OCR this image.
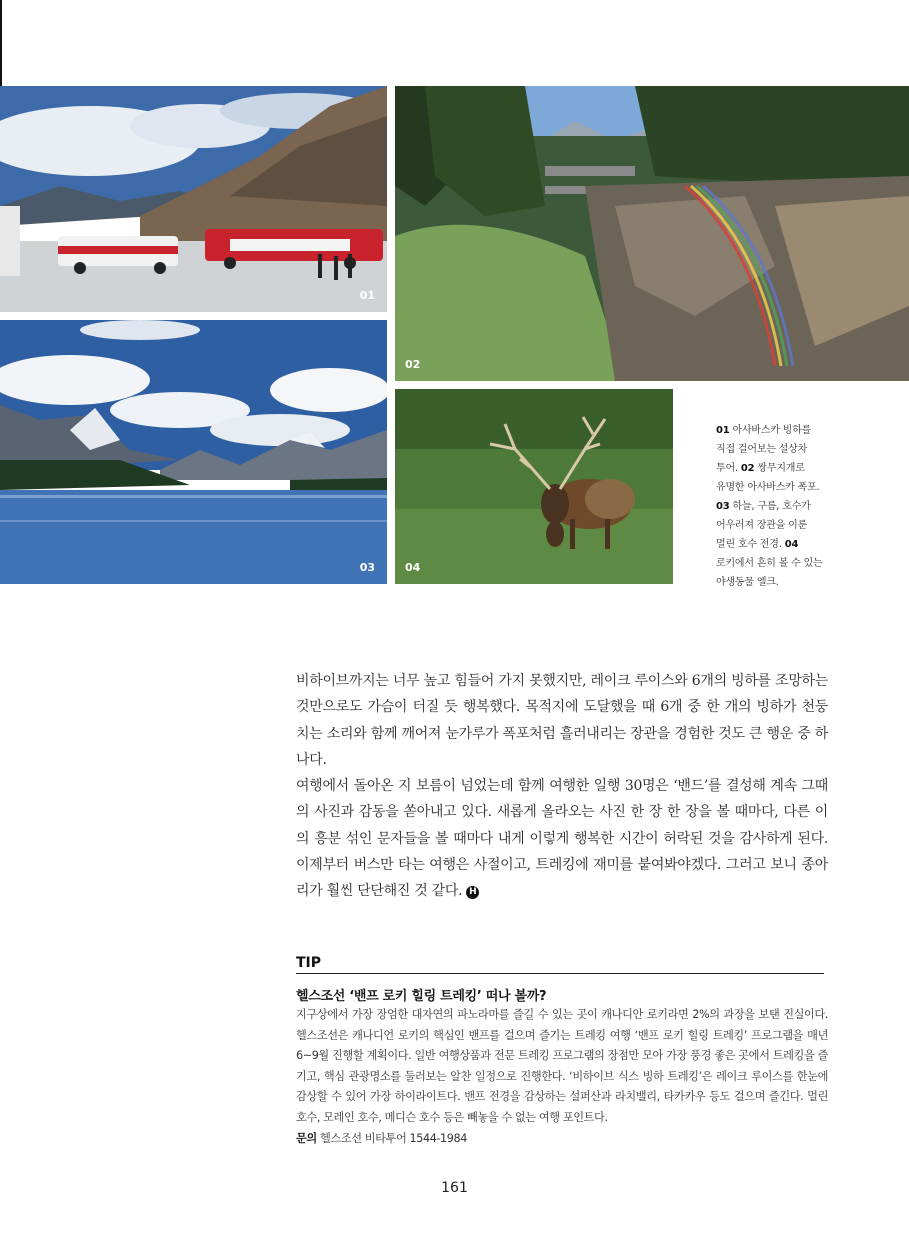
01
02
03	04
01 아사바스카 빙하를 직접 걸어보는 설상차 투어. 02 쌍무지개로 유명한 아사바스카 폭포. 03 하늘, 구름, 호수가 어우러져 장관을 이룬 멀린 호수 전경. 04 로키에서 흔히 볼 수 있는 야생동물 엘크.

비하이브까지는 너무 높고 힘들어 가지 못했지만, 레이크 루이스와 6개의 빙하를 조망하는 것만으로도 가슴이 터질 듯 행복했다. 목적지에 도달했을 때 6개 중 한 개의 빙하가 천둥 치는 소리와 함께 깨어져 눈가루가 폭포처럼 흘러내리는 장관을 경험한 것도 큰 행운 중 하나다.

여행에서 돌아온 지 보름이 넘었는데 함께 여행한 일행 30명은 ‘밴드’를 결성해 계속 그때의 사진과 감동을 쏟아내고 있다. 새롭게 올라오는 사진 한 장 한 장을 볼 때마다, 다른 이의 흥분 섞인 문자들을 볼 때마다 내게 이렇게 행복한 시간이 허락된 것을 감사하게 된다. 이제부터 버스만 타는 여행은 사절이고, 트레킹에 재미를 붙여봐야겠다. 그러고 보니 종아리가 훨씬 단단해진 것 같다. H

TIP
헬스조선 ‘밴프 로키 힐링 트레킹’ 떠나 볼까?

지구상에서 가장 장엄한 대자연의 파노라마를 즐길 수 있는 곳이 캐나디안 로키라면 2%의 과장을 보탠 진실이다. 헬스조선은 캐나디언 로키의 핵심인 밴프를 걸으며 즐기는 트레킹 여행 ‘밴프 로키 힐링 트레킹’ 프로그램을 매년 6~9월 진행할 계획이다. 일반 여행상품과 전문 트레킹 프로그램의 장점만 모아 가장 풍경 좋은 곳에서 트레킹을 즐기고, 핵심 관광명소를 둘러보는 알찬 일정으로 진행한다. ‘비하이브 식스 빙하 트레킹’은 레이크 루이스를 한눈에 감상할 수 있어 가장 하이라이트다. 밴프 전경을 감상하는 설퍼산과 라치밸리, 타카카우 등도 걸으며 즐긴다. 멀린 호수, 모레인 호수, 메디슨 호수 등은 빼놓을 수 없는 여행 포인트다.

문의 헬스조선 비타투어 1544-1984

161
